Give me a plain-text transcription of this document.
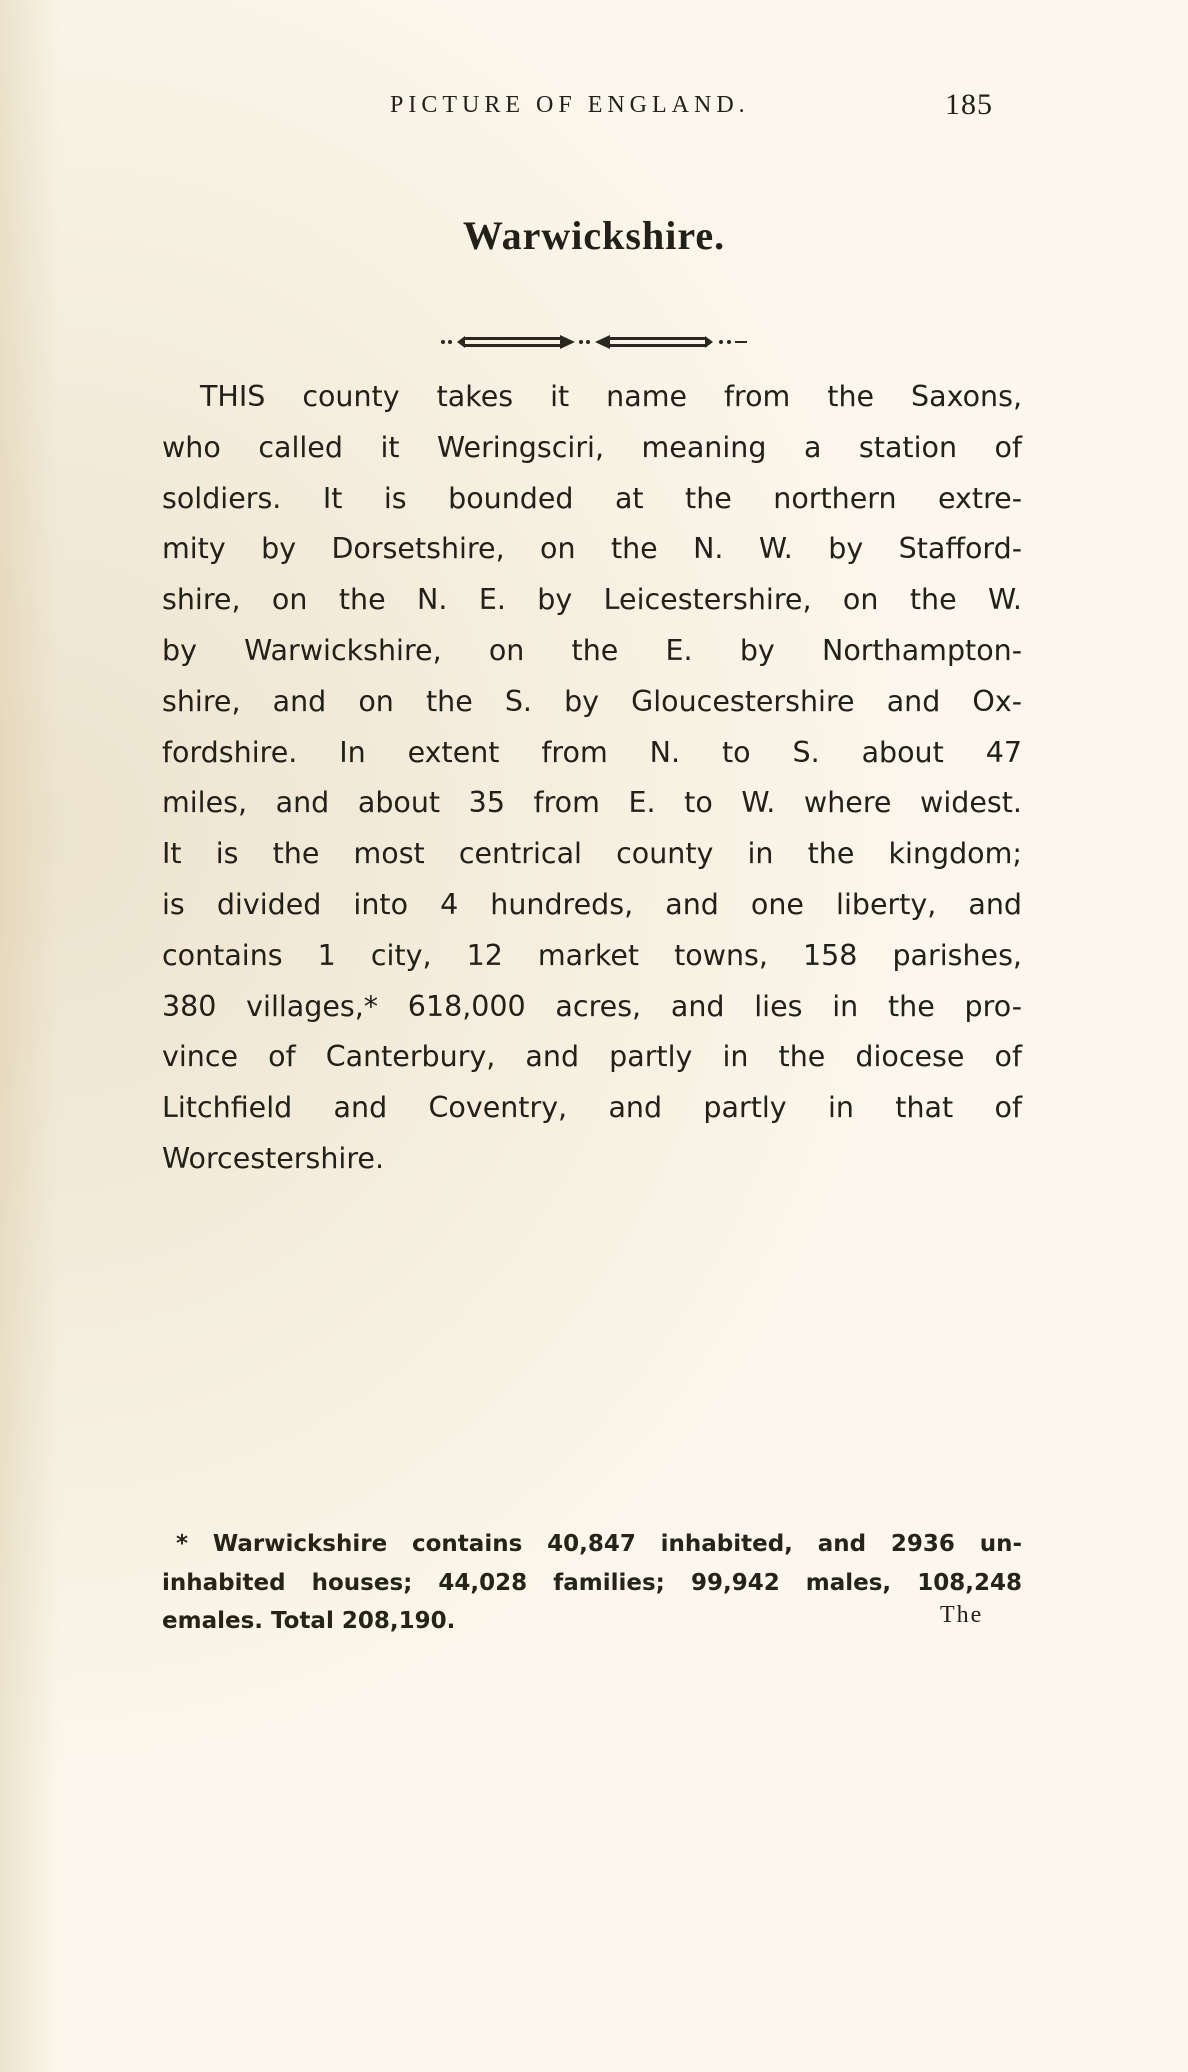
PICTURE OF ENGLAND.	185
Warwickshire.
THIS county takes it name from the Saxons,
who called it Weringsciri, meaning a station of
soldiers. It is bounded at the northern extre-
mity by Dorsetshire, on the N. W. by Stafford-
shire, on the N. E. by Leicestershire, on the W.
by Warwickshire, on the E. by Northampton-
shire, and on the S. by Gloucestershire and Ox-
fordshire. In extent from N. to S. about 47
miles, and about 35 from E. to W. where widest.
It is the most centrical county in the kingdom;
is divided into 4 hundreds, and one liberty, and
contains 1 city, 12 market towns, 158 parishes,
380 villages,* 618,000 acres, and lies in the pro-
vince of Canterbury, and partly in the diocese of
Litchfield and Coventry, and partly in that of
Worcestershire.
* Warwickshire contains 40,847 inhabited, and 2936 un-
inhabited houses; 44,028 families; 99,942 males, 108,248
emales. Total 208,190.	The
